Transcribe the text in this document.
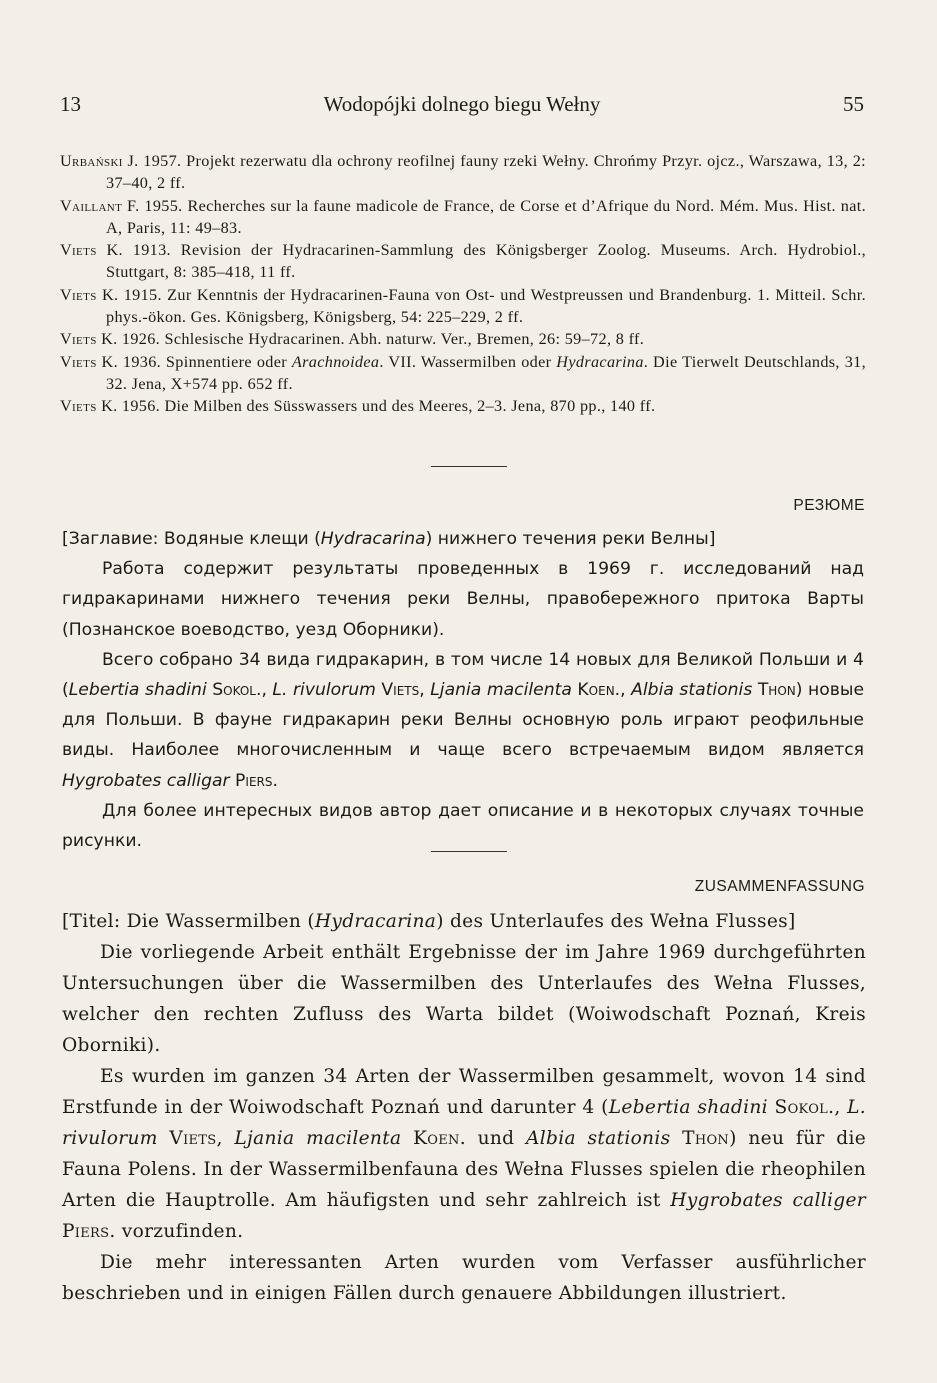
13	Wodopójki dolnego biegu Wełny	55

Urbański J. 1957. Projekt rezerwatu dla ochrony reofilnej fauny rzeki Wełny. Chrońmy Przyr. ojcz., Warszawa, 13, 2: 37–40, 2 ff.

Vaillant F. 1955. Recherches sur la faune madicole de France, de Corse et d’Afrique du Nord. Mém. Mus. Hist. nat. A, Paris, 11: 49–83.

Viets K. 1913. Revision der Hydracarinen-Sammlung des Königsberger Zoolog. Museums. Arch. Hydrobiol., Stuttgart, 8: 385–418, 11 ff.

Viets K. 1915. Zur Kenntnis der Hydracarinen-Fauna von Ost- und Westpreussen und Brandenburg. 1. Mitteil. Schr. phys.-ökon. Ges. Königsberg, Königsberg, 54: 225–229, 2 ff.

Viets K. 1926. Schlesische Hydracarinen. Abh. naturw. Ver., Bremen, 26: 59–72, 8 ff.

Viets K. 1936. Spinnentiere oder Arachnoidea. VII. Wassermilben oder Hydracarina. Die Tierwelt Deutschlands, 31, 32. Jena, X+574 pp. 652 ff.

Viets K. 1956. Die Milben des Süsswassers und des Meeres, 2–3. Jena, 870 pp., 140 ff.

РЕЗЮМЕ

[Заглавие: Водяные клещи (Hydracarina) нижнего течения реки Велны]

Работа содержит результаты проведенных в 1969 г. исследований над гидракаринами нижнего течения реки Велны, правобережного притока Варты (Познанское воеводство, уезд Оборники).

Всего собрано 34 вида гидракарин, в том числе 14 новых для Великой Польши и 4 (Lebertia shadini Sokol., L. rivulorum Viets, Ljania macilenta Koen., Albia stationis Thon) новые для Польши. В фауне гидракарин реки Велны основную роль играют реофильные виды. Наиболее многочисленным и чаще всего встречаемым видом является Hygrobates calligar Piers.

Для более интересных видов автор дает описание и в некоторых случаях точные рисунки.

ZUSAMMENFASSUNG

[Titel: Die Wassermilben (Hydracarina) des Unterlaufes des Wełna Flusses]

Die vorliegende Arbeit enthält Ergebnisse der im Jahre 1969 durchgeführten Untersuchungen über die Wassermilben des Unterlaufes des Wełna Flusses, welcher den rechten Zufluss des Warta bildet (Woiwodschaft Poznań, Kreis Oborniki).

Es wurden im ganzen 34 Arten der Wassermilben gesammelt, wovon 14 sind Erstfunde in der Woiwodschaft Poznań und darunter 4 (Lebertia shadini Sokol., L. rivulorum Viets, Ljania macilenta Koen. und Albia stationis Thon) neu für die Fauna Polens. In der Wassermilbenfauna des Wełna Flusses spielen die rheophilen Arten die Hauptrolle. Am häufigsten und sehr zahlreich ist Hygrobates calliger Piers. vorzufinden.

Die mehr interessanten Arten wurden vom Verfasser ausführlicher beschrieben und in einigen Fällen durch genauere Abbildungen illustriert.
